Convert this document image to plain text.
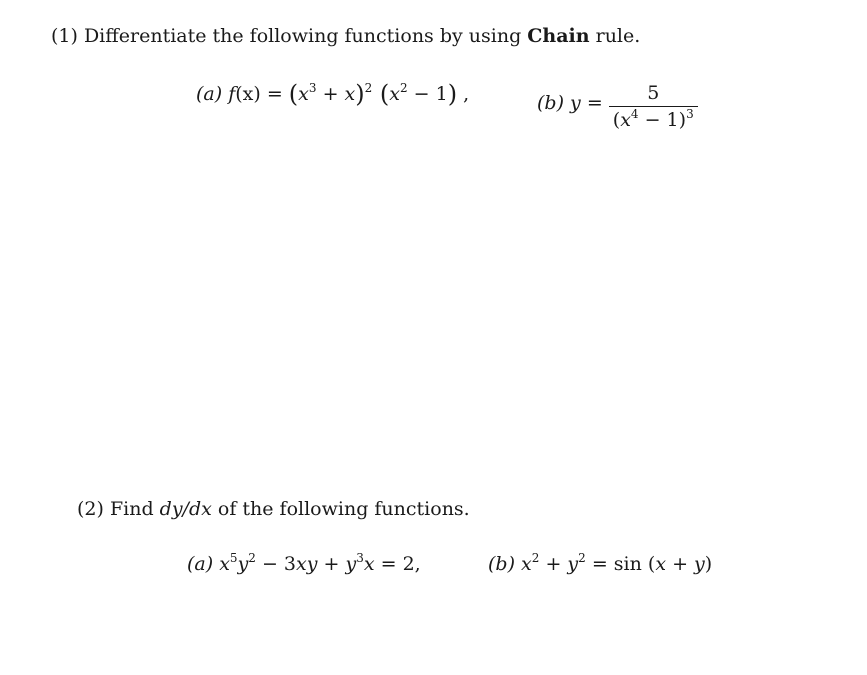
(1) Differentiate the following functions by using Chain rule.
(a) $f(x) = (x^3 + x)^2$ $(x^2 - 1)$ ,	(b) $y = \frac{5}{(x^4 - 1)^3}$
(2) Find dy/dx of the following functions.
(a) $x^5y^2 - 3xy + y^3x = 2$,	(b) $x^2 + y^2 = \sin (x + y)$
